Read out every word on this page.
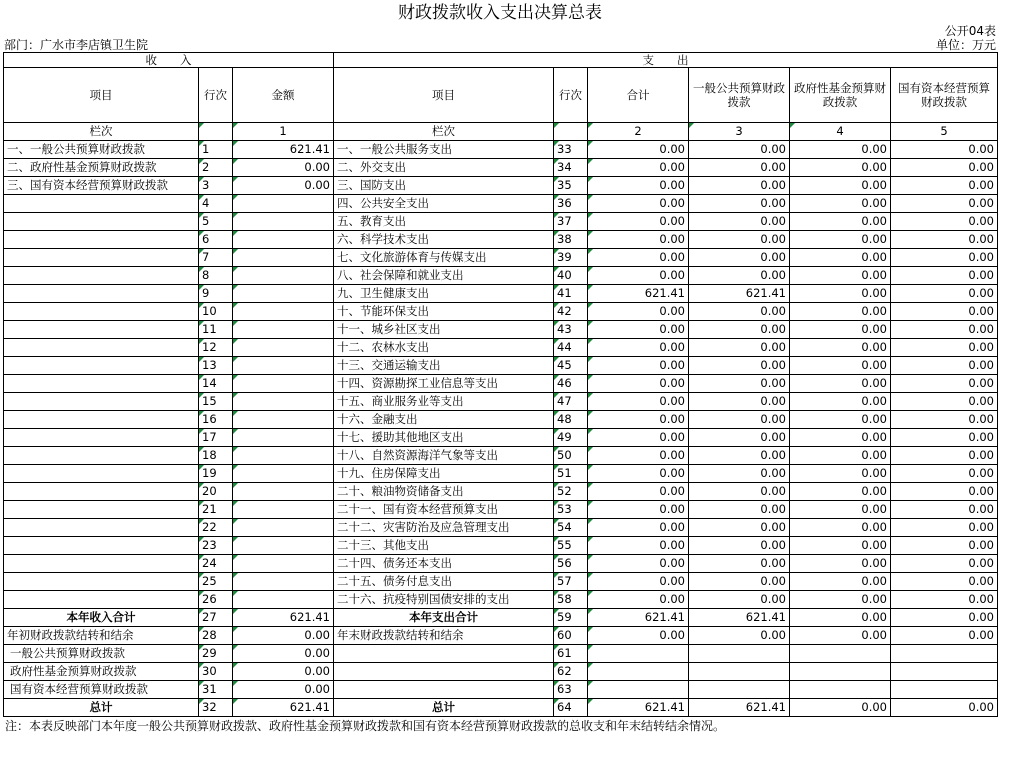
财政拨款收入支出决算总表
公开04表
部门：广水市李店镇卫生院	单位：万元
收　　入			支　　出					
项目	行次	金额	项目	行次	合计	一般公共预算财政拨款	政府性基金预算财政拨款	国有资本经营预算财政拨款
栏次		1	栏次		2	3	4	5
一、一般公共预算财政拨款	1	621.41	一、一般公共服务支出	33	0.00	0.00	0.00	0.00
二、政府性基金预算财政拨款	2	0.00	二、外交支出	34	0.00	0.00	0.00	0.00
三、国有资本经营预算财政拨款	3	0.00	三、国防支出	35	0.00	0.00	0.00	0.00
	4		四、公共安全支出	36	0.00	0.00	0.00	0.00
	5		五、教育支出	37	0.00	0.00	0.00	0.00
	6		六、科学技术支出	38	0.00	0.00	0.00	0.00
	7		七、文化旅游体育与传媒支出	39	0.00	0.00	0.00	0.00
	8		八、社会保障和就业支出	40	0.00	0.00	0.00	0.00
	9		九、卫生健康支出	41	621.41	621.41	0.00	0.00
	10		十、节能环保支出	42	0.00	0.00	0.00	0.00
	11		十一、城乡社区支出	43	0.00	0.00	0.00	0.00
	12		十二、农林水支出	44	0.00	0.00	0.00	0.00
	13		十三、交通运输支出	45	0.00	0.00	0.00	0.00
	14		十四、资源勘探工业信息等支出	46	0.00	0.00	0.00	0.00
	15		十五、商业服务业等支出	47	0.00	0.00	0.00	0.00
	16		十六、金融支出	48	0.00	0.00	0.00	0.00
	17		十七、援助其他地区支出	49	0.00	0.00	0.00	0.00
	18		十八、自然资源海洋气象等支出	50	0.00	0.00	0.00	0.00
	19		十九、住房保障支出	51	0.00	0.00	0.00	0.00
	20		二十、粮油物资储备支出	52	0.00	0.00	0.00	0.00
	21		二十一、国有资本经营预算支出	53	0.00	0.00	0.00	0.00
	22		二十二、灾害防治及应急管理支出	54	0.00	0.00	0.00	0.00
	23		二十三、其他支出	55	0.00	0.00	0.00	0.00
	24		二十四、债务还本支出	56	0.00	0.00	0.00	0.00
	25		二十五、债务付息支出	57	0.00	0.00	0.00	0.00
	26		二十六、抗疫特别国债安排的支出	58	0.00	0.00	0.00	0.00
本年收入合计	27	621.41	本年支出合计	59	621.41	621.41	0.00	0.00
年初财政拨款结转和结余	28	0.00	年末财政拨款结转和结余	60	0.00	0.00	0.00	0.00
一般公共预算财政拨款	29	0.00		61				
政府性基金预算财政拨款	30	0.00		62				
国有资本经营预算财政拨款	31	0.00		63				
总计	32	621.41	总计	64	621.41	621.41	0.00	0.00
注：本表反映部门本年度一般公共预算财政拨款、政府性基金预算财政拨款和国有资本经营预算财政拨款的总收支和年末结转结余情况。
